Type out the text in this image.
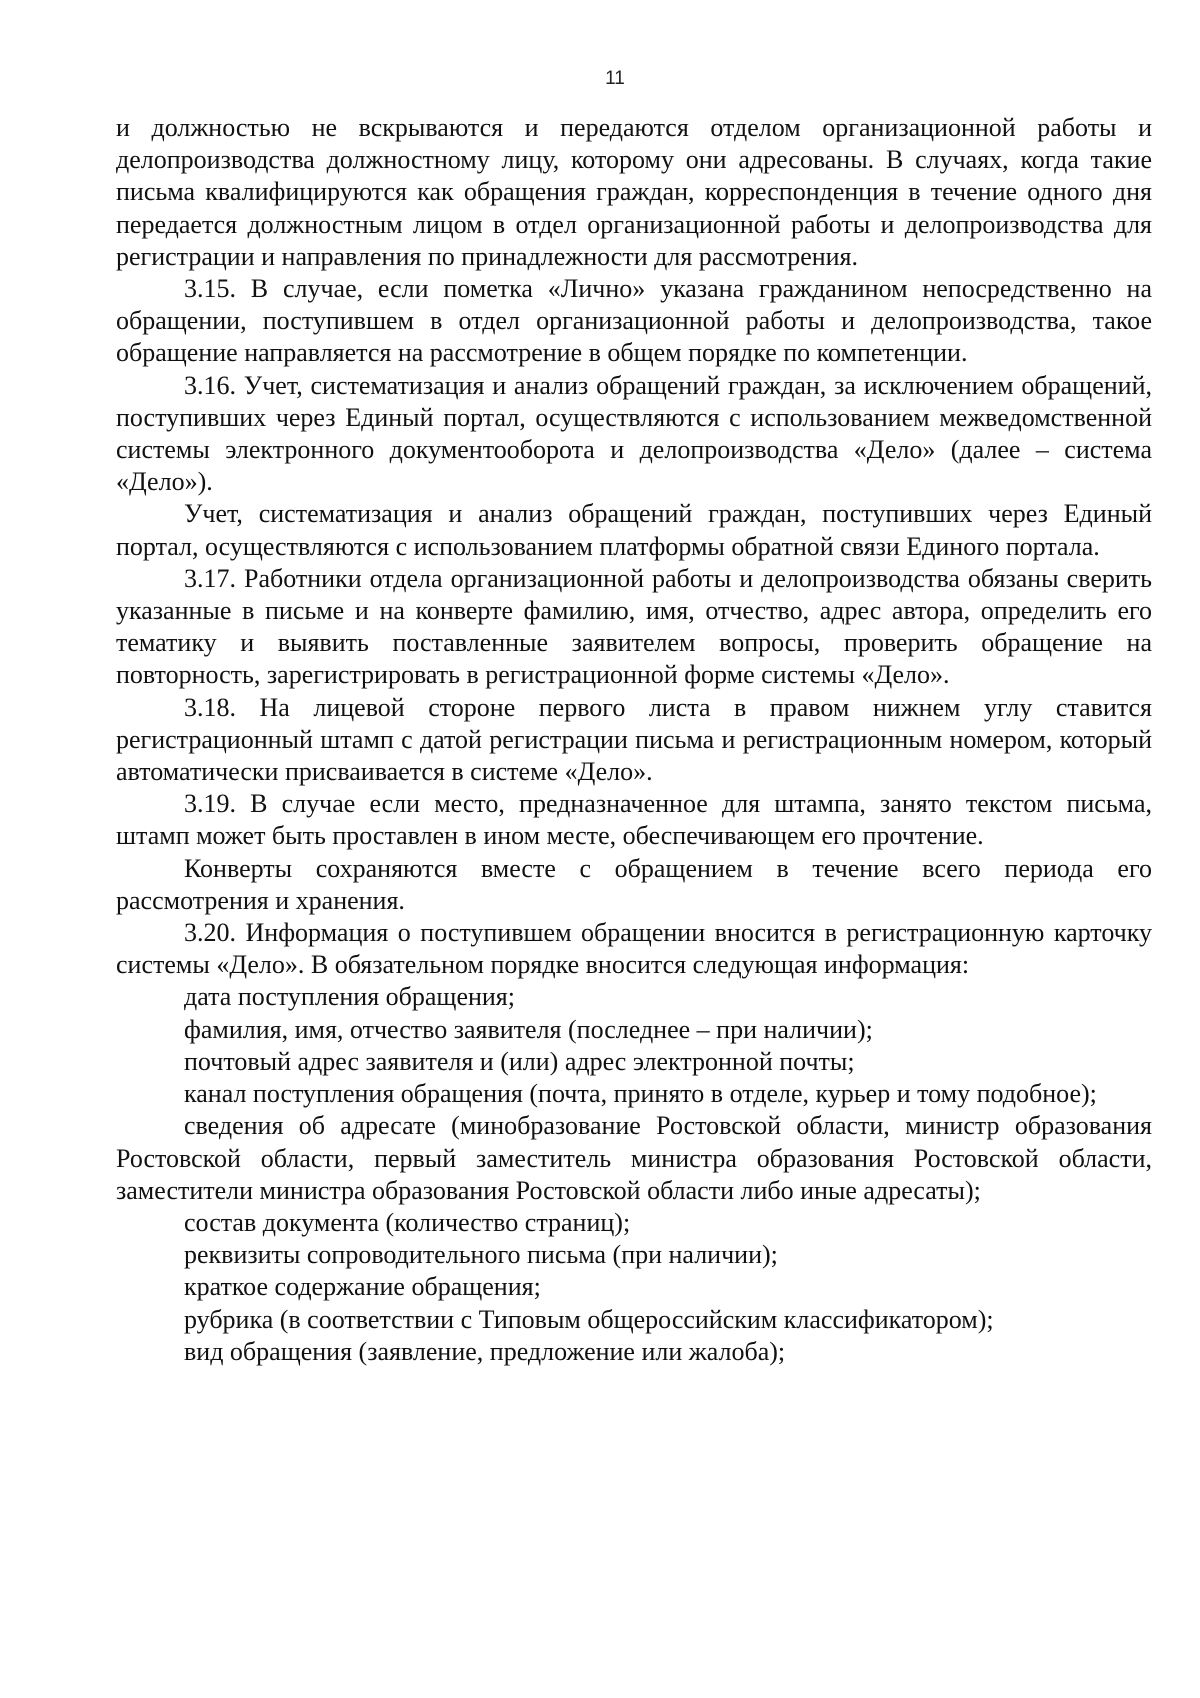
11

и должностью не вскрываются и передаются отделом организационной работы и делопроизводства должностному лицу, которому они адресованы. В случаях, когда такие письма квалифицируются как обращения граждан, корреспонденция в течение одного дня передается должностным лицом в отдел организационной работы и делопроизводства для регистрации и направления по принадлежности для рассмотрения.

3.15. В случае, если пометка «Лично» указана гражданином непосредственно на обращении, поступившем в отдел организационной работы и делопроизводства, такое обращение направляется на рассмотрение в общем порядке по компетенции.

3.16. Учет, систематизация и анализ обращений граждан, за исключением обращений, поступивших через Единый портал, осуществляются с использованием межведомственной системы электронного документооборота и делопроизводства «Дело» (далее – система «Дело»).

Учет, систематизация и анализ обращений граждан, поступивших через Единый портал, осуществляются с использованием платформы обратной связи Единого портала.

3.17. Работники отдела организационной работы и делопроизводства обязаны сверить указанные в письме и на конверте фамилию, имя, отчество, адрес автора, определить его тематику и выявить поставленные заявителем вопросы, проверить обращение на повторность, зарегистрировать в регистрационной форме системы «Дело».

3.18. На лицевой стороне первого листа в правом нижнем углу ставится регистрационный штамп с датой регистрации письма и регистрационным номером, который автоматически присваивается в системе «Дело».

3.19. В случае если место, предназначенное для штампа, занято текстом письма, штамп может быть проставлен в ином месте, обеспечивающем его прочтение.

Конверты сохраняются вместе с обращением в течение всего периода его рассмотрения и хранения.

3.20. Информация о поступившем обращении вносится в регистрационную карточку системы «Дело». В обязательном порядке вносится следующая информация:

дата поступления обращения;

фамилия, имя, отчество заявителя (последнее – при наличии);

почтовый адрес заявителя и (или) адрес электронной почты;

канал поступления обращения (почта, принято в отделе, курьер и тому подобное);

сведения об адресате (минобразование Ростовской области, министр образования Ростовской области, первый заместитель министра образования Ростовской области, заместители министра образования Ростовской области либо иные адресаты);

состав документа (количество страниц);

реквизиты сопроводительного письма (при наличии);

краткое содержание обращения;

рубрика (в соответствии с Типовым общероссийским классификатором);

вид обращения (заявление, предложение или жалоба);
